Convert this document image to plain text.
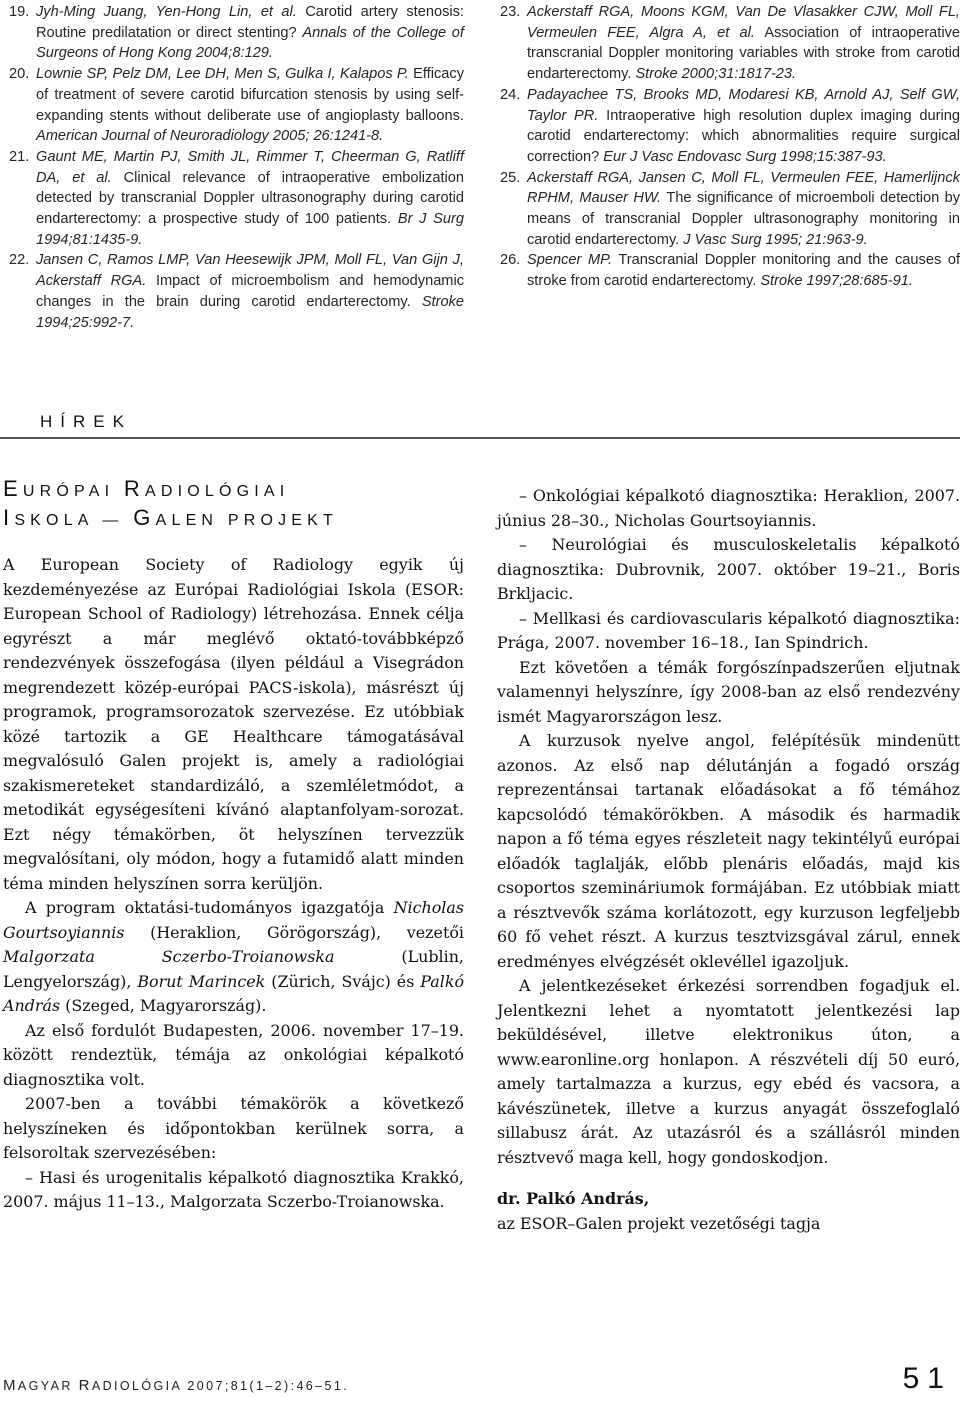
19. Jyh-Ming Juang, Yen-Hong Lin, et al. Carotid artery stenosis: Routine predilatation or direct stenting? Annals of the College of Surgeons of Hong Kong 2004;8:129.
20. Lownie SP, Pelz DM, Lee DH, Men S, Gulka I, Kalapos P. Efficacy of treatment of severe carotid bifurcation stenosis by using self-expanding stents without deliberate use of angioplasty balloons. American Journal of Neuroradiology 2005; 26:1241-8.
21. Gaunt ME, Martin PJ, Smith JL, Rimmer T, Cheerman G, Ratliff DA, et al. Clinical relevance of intraoperative embolization detected by transcranial Doppler ultrasonography during carotid endarterectomy: a prospective study of 100 patients. Br J Surg 1994;81:1435-9.
22. Jansen C, Ramos LMP, Van Heesewijk JPM, Moll FL, Van Gijn J, Ackerstaff RGA. Impact of microembolism and hemodynamic changes in the brain during carotid endarterectomy. Stroke 1994;25:992-7.
23. Ackerstaff RGA, Moons KGM, Van De Vlasakker CJW, Moll FL, Vermeulen FEE, Algra A, et al. Association of intraoperative transcranial Doppler monitoring variables with stroke from carotid endarterectomy. Stroke 2000;31:1817-23.
24. Padayachee TS, Brooks MD, Modaresi KB, Arnold AJ, Self GW, Taylor PR. Intraoperative high resolution duplex imaging during carotid endarterectomy: which abnormalities require surgical correction? Eur J Vasc Endovasc Surg 1998;15:387-93.
25. Ackerstaff RGA, Jansen C, Moll FL, Vermeulen FEE, Hamerlijnck RPHM, Mauser HW. The significance of microemboli detection by means of transcranial Doppler ultrasonography monitoring in carotid endarterectomy. J Vasc Surg 1995; 21:963-9.
26. Spencer MP. Transcranial Doppler monitoring and the causes of stroke from carotid endarterectomy. Stroke 1997;28:685-91.
HÍREK
EURÓPAI RADIOLÓGIAI
ISKOLA — GALEN PROJEKT

A European Society of Radiology egyik új kezdeményezése az Európai Radiológiai Iskola (ESOR: European School of Radiology) létrehozása. Ennek célja egyrészt a már meglévő oktató-továbbképző rendezvények összefogása (ilyen például a Visegrádon megrendezett közép-európai PACS-iskola), másrészt új programok, programsorozatok szervezése. Ez utóbbiak közé tartozik a GE Healthcare támogatásával megvalósuló Galen projekt is, amely a radiológiai szakismereteket standardizáló, a szemléletmódot, a metodikát egységesíteni kívánó alaptanfolyam-sorozat. Ezt négy témakörben, öt helyszínen tervezzük megvalósítani, oly módon, hogy a futamidő alatt minden téma minden helyszínen sorra kerüljön.

A program oktatási-tudományos igazgatója Nicholas Gourtsoyiannis (Heraklion, Görögország), vezetői Malgorzata Sczerbo-Troianowska (Lublin, Lengyelország), Borut Marincek (Zürich, Svájc) és Palkó András (Szeged, Magyarország).

Az első fordulót Budapesten, 2006. november 17–19. között rendeztük, témája az onkológiai képalkotó diagnosztika volt.

2007-ben a további témakörök a következő helyszíneken és időpontokban kerülnek sorra, a felsoroltak szervezésében:

– Hasi és urogenitalis képalkotó diagnosztika Krakkó, 2007. május 11–13., Malgorzata Sczerbo-Troianowska.

– Onkológiai képalkotó diagnosztika: Heraklion, 2007. június 28–30., Nicholas Gourtsoyiannis.

– Neurológiai és musculoskeletalis képalkotó diagnosztika: Dubrovnik, 2007. október 19–21., Boris Brkljacic.

– Mellkasi és cardiovascularis képalkotó diagnosztika: Prága, 2007. november 16–18., Ian Spindrich.

Ezt követően a témák forgószínpadszerűen eljutnak valamennyi helyszínre, így 2008-ban az első rendezvény ismét Magyarországon lesz.

A kurzusok nyelve angol, felépítésük mindenütt azonos. Az első nap délutánján a fogadó ország reprezentánsai tartanak előadásokat a fő témához kapcsolódó témakörökben. A második és harmadik napon a fő téma egyes részleteit nagy tekintélyű európai előadók taglalják, előbb plenáris előadás, majd kis csoportos szemináriumok formájában. Ez utóbbiak miatt a résztvevők száma korlátozott, egy kurzuson legfeljebb 60 fő vehet részt. A kurzus tesztvizsgával zárul, ennek eredményes elvégzését oklevéllel igazoljuk.

A jelentkezéseket érkezési sorrendben fogadjuk el. Jelentkezni lehet a nyomtatott jelentkezési lap beküldésével, illetve elektronikus úton, a www.earonline.org honlapon. A részvételi díj 50 euró, amely tartalmazza a kurzus, egy ebéd és vacsora, a kávészünetek, illetve a kurzus anyagát összefoglaló sillabusz árát. Az utazásról és a szállásról minden résztvevő maga kell, hogy gondoskodjon.

dr. Palkó András,

az ESOR–Galen projekt vezetőségi tagja

MAGYAR RADIOLÓGIA 2007;81(1–2):46–51.	51
